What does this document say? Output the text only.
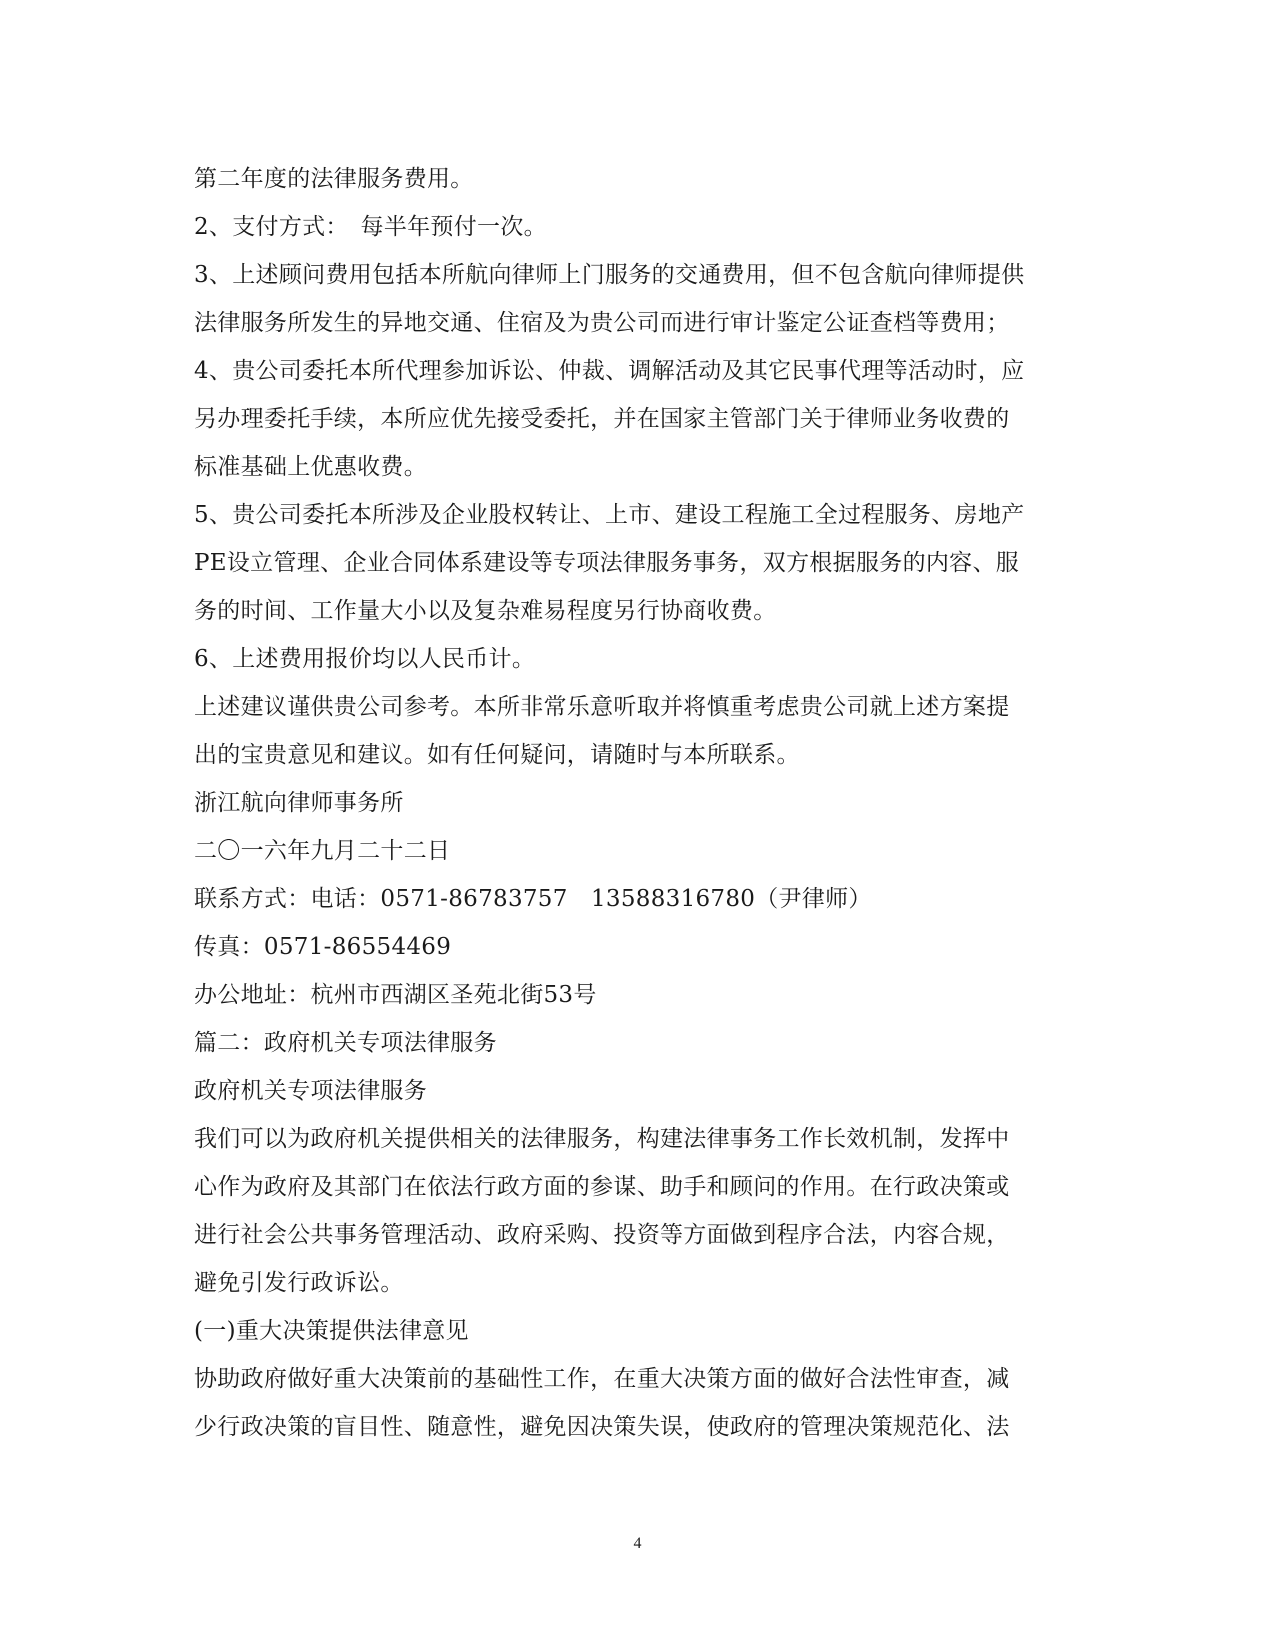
第二年度的法律服务费用。
2、支付方式：　每半年预付一次。
3、上述顾问费用包括本所航向律师上门服务的交通费用，但不包含航向律师提供
法律服务所发生的异地交通、住宿及为贵公司而进行审计鉴定公证查档等费用；
4、贵公司委托本所代理参加诉讼、仲裁、调解活动及其它民事代理等活动时，应
另办理委托手续，本所应优先接受委托，并在国家主管部门关于律师业务收费的
标准基础上优惠收费。
5、贵公司委托本所涉及企业股权转让、上市、建设工程施工全过程服务、房地产
PE设立管理、企业合同体系建设等专项法律服务事务，双方根据服务的内容、服
务的时间、工作量大小以及复杂难易程度另行协商收费。
6、上述费用报价均以人民币计。
上述建议谨供贵公司参考。本所非常乐意听取并将慎重考虑贵公司就上述方案提
出的宝贵意见和建议。如有任何疑问，请随时与本所联系。
浙江航向律师事务所
二〇一六年九月二十二日
联系方式：电话：0571-86783757　13588316780（尹律师）
传真：0571-86554469
办公地址：杭州市西湖区圣苑北街53号
篇二：政府机关专项法律服务
政府机关专项法律服务
我们可以为政府机关提供相关的法律服务，构建法律事务工作长效机制，发挥中
心作为政府及其部门在依法行政方面的参谋、助手和顾问的作用。在行政决策或
进行社会公共事务管理活动、政府采购、投资等方面做到程序合法，内容合规，
避免引发行政诉讼。
(一)重大决策提供法律意见
协助政府做好重大决策前的基础性工作，在重大决策方面的做好合法性审查，减
少行政决策的盲目性、随意性，避免因决策失误，使政府的管理决策规范化、法
4
